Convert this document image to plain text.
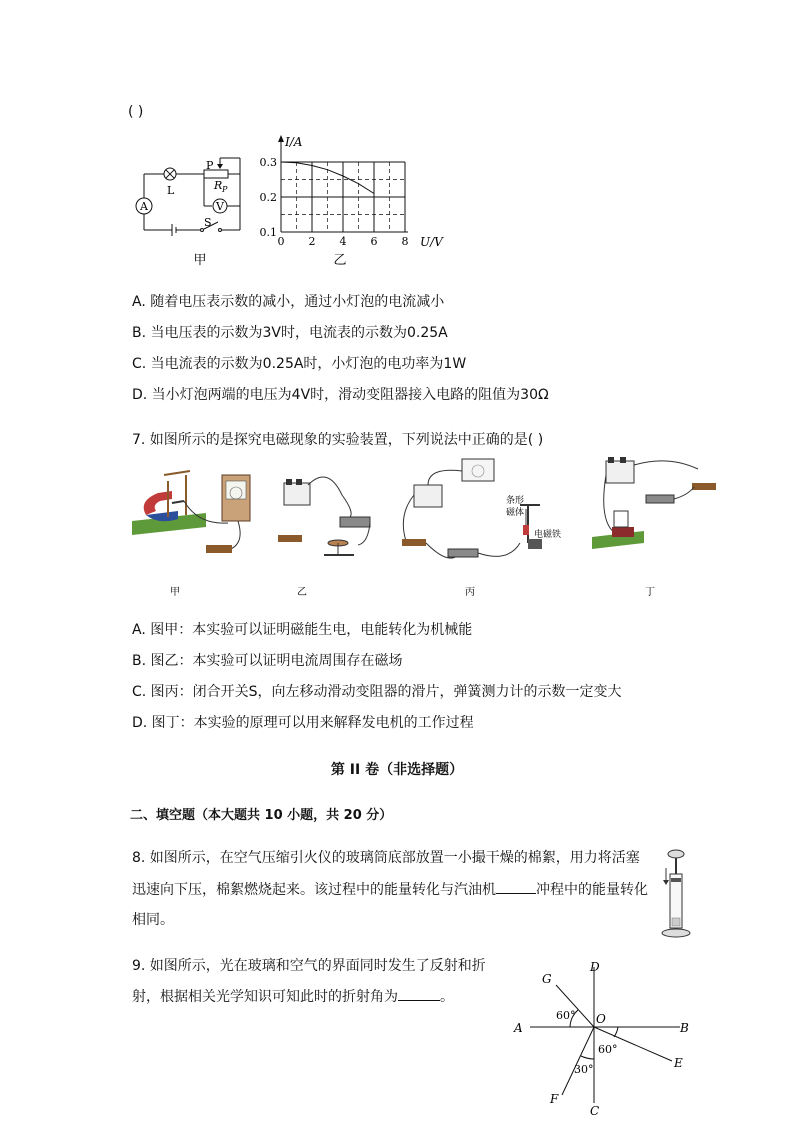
( )
A	V
L
P
R P
S
甲
0.3
0.2
0.1
0 2 4 6 8
I/A
U/V
乙
A. 随着电压表示数的减小，通过小灯泡的电流减小
B. 当电压表的示数为3V时，电流表的示数为0.25A
C. 当电流表的示数为0.25A时，小灯泡的电功率为1W
D. 当小灯泡两端的电压为4V时，滑动变阻器接入电路的阻值为30Ω
7. 如图所示的是探究电磁现象的实验装置，下列说法中正确的是( )
条形
磁体
电磁铁
甲	乙	丙	丁
A. 图甲：本实验可以证明磁能生电，电能转化为机械能
B. 图乙：本实验可以证明电流周围存在磁场
C. 图丙：闭合开关S，向左移动滑动变阻器的滑片，弹簧测力计的示数一定变大
D. 图丁：本实验的原理可以用来解释发电机的工作过程
第 II 卷（非选择题）
二、填空题（本大题共 10 小题，共 20 分）
8. 如图所示，在空气压缩引火仪的玻璃筒底部放置一小撮干燥的棉絮，用力将活塞
迅速向下压，棉絮燃烧起来。该过程中的能量转化与汽油机	冲程中的能量转化
相同。
9. 如图所示，光在玻璃和空气的界面同时发生了反射和折
射，根据相关光学知识可知此时的折射角为	。
D
G
A	B
O
E
F
C
60°
60°
30°
